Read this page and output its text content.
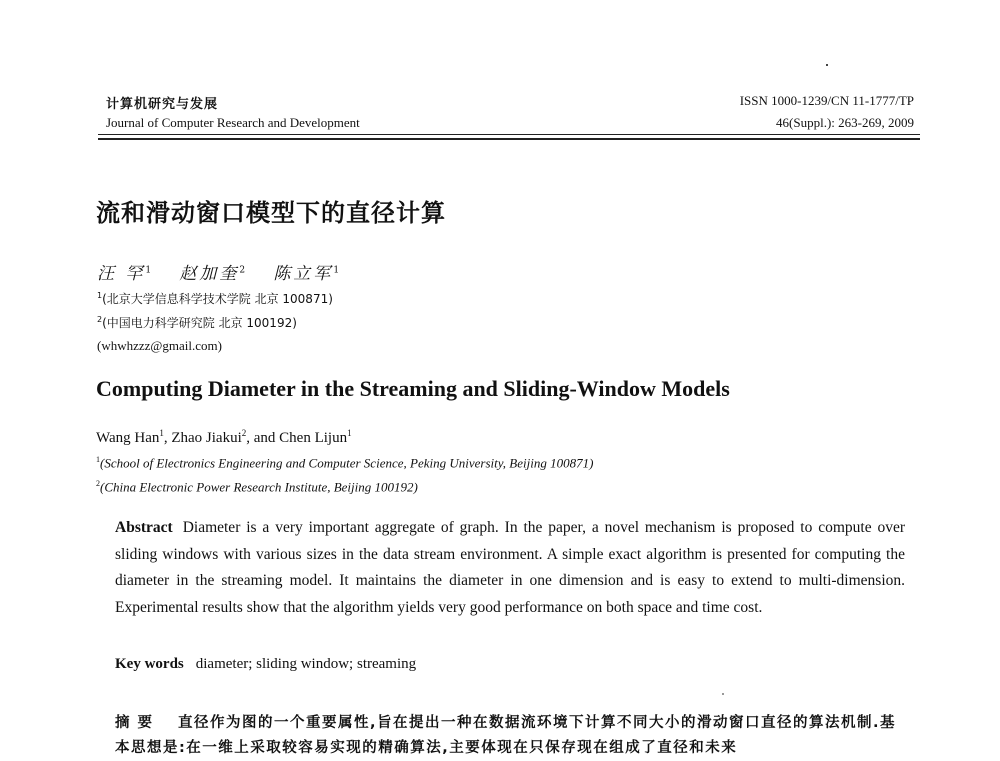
计算机研究与发展
Journal of Computer Research and Development
ISSN 1000-1239/CN 11-1777/TP
46(Suppl.): 263-269, 2009
流和滑动窗口模型下的直径计算
汪 罕$^1$ 赵加奎$^2$ 陈立军$^1$
$^1$(北京大学信息科学技术学院 北京 100871)
$^2$(中国电力科学研究院 北京 100192)
(whwhzzz@gmail.com)
Computing Diameter in the Streaming and Sliding-Window Models
Wang Han$^1$, Zhao Jiakui$^2$, and Chen Lijun$^1$
$^1$(School of Electronics Engineering and Computer Science, Peking University, Beijing 100871)
$^2$(China Electronic Power Research Institute, Beijing 100192)
Abstract Diameter is a very important aggregate of graph. In the paper, a novel mechanism is proposed to compute over sliding windows with various sizes in the data stream environment. A simple exact algorithm is presented for computing the diameter in the streaming model. It maintains the diameter in one dimension and is easy to extend to multi-dimension. Experimental results show that the algorithm yields very good performance on both space and time cost.
Key words diameter; sliding window; streaming
摘要 直径作为图的一个重要属性,旨在提出一种在数据流环境下计算不同大小的滑动窗口直径的算法机制.基本思想是:在一维上采取较容易实现的精确算法,主要体现在只保存现在组成了直径和未来
